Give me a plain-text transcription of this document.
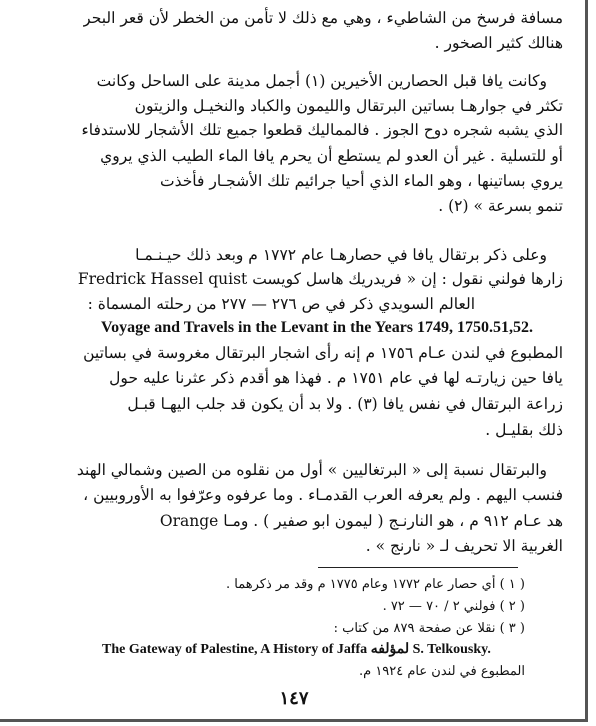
مسافة فرسخ من الشاطيء ، وهي مع ذلك لا تأمن من الخطر لأن قعر البحر
هنالك كثير الصخور .
وكانت يافا قبل الحصارين الأخيرين (١) أجمل مدينة على الساحل وكانت
تكثر في جوارهـا بساتين البرتقال والليمون والكباد والنخيـل والزيتون
الذي يشبه شجره دوح الجوز . فالمماليك قطعوا جميع تلك الأشجار للاستدفاء
أو للتسلية . غير أن العدو لم يستطع أن يحرم يافا الماء الطيب الذي يروي
يروي بساتينها ، وهو الماء الذي أحيا جرائيم تلك الأشجـار فأخذت
تنمو بسرعة » (٢) .
وعلى ذكر برتقال يافا في حصارهـا عام ١٧٧٢ م وبعد ذلك حيـنـمـا
زارها فولني نقول : إن « فريدريك هاسل كويست Fredrick Hassel quist
العالم السويدي ذكر في ص ٢٧٦ — ٢٧٧ من رحلته المسماة :
Voyage and Travels in the Levant in the Years 1749, 1750.51,52.
المطبوع في لندن عـام ١٧٥٦ م إنه رأى اشجار البرتقال مغروسة في بساتين
يافا حين زيارتـه لها في عام ١٧٥١ م . فهذا هو أقدم ذكر عثرنا عليه حول
زراعة البرتقال في نفس يافا (٣) . ولا بد أن يكون قد جلب اليهـا قبـل
ذلك بقليـل .
والبرتقال نسبة إلى « البرتغاليين » أول من نقلوه من الصين وشمالي الهند
فنسب اليهم . ولم يعرفه العرب القدمـاء . وما عرفوه وعرّفوا به الأوروبيين ،
هد عـام ٩١٢ م ، هو النارنـج ( ليمون ابو صفير ) . ومـا Orange
الغربية الا تحريف لـ « نارنج » .
( ١ ) أي حصار عام ١٧٧٢ وعام ١٧٧٥ م وقد مر ذكرهما .
( ٢ ) فولني ٢ / ٧٠ — ٧٢ .
( ٣ ) نقلا عن صفحة ٨٧٩ من كتاب :
The Gateway of Palestine, A History of Jaffa لمؤلفه S. Telkousky.
المطبوع في لندن عام ١٩٢٤ م.
١٤٧
